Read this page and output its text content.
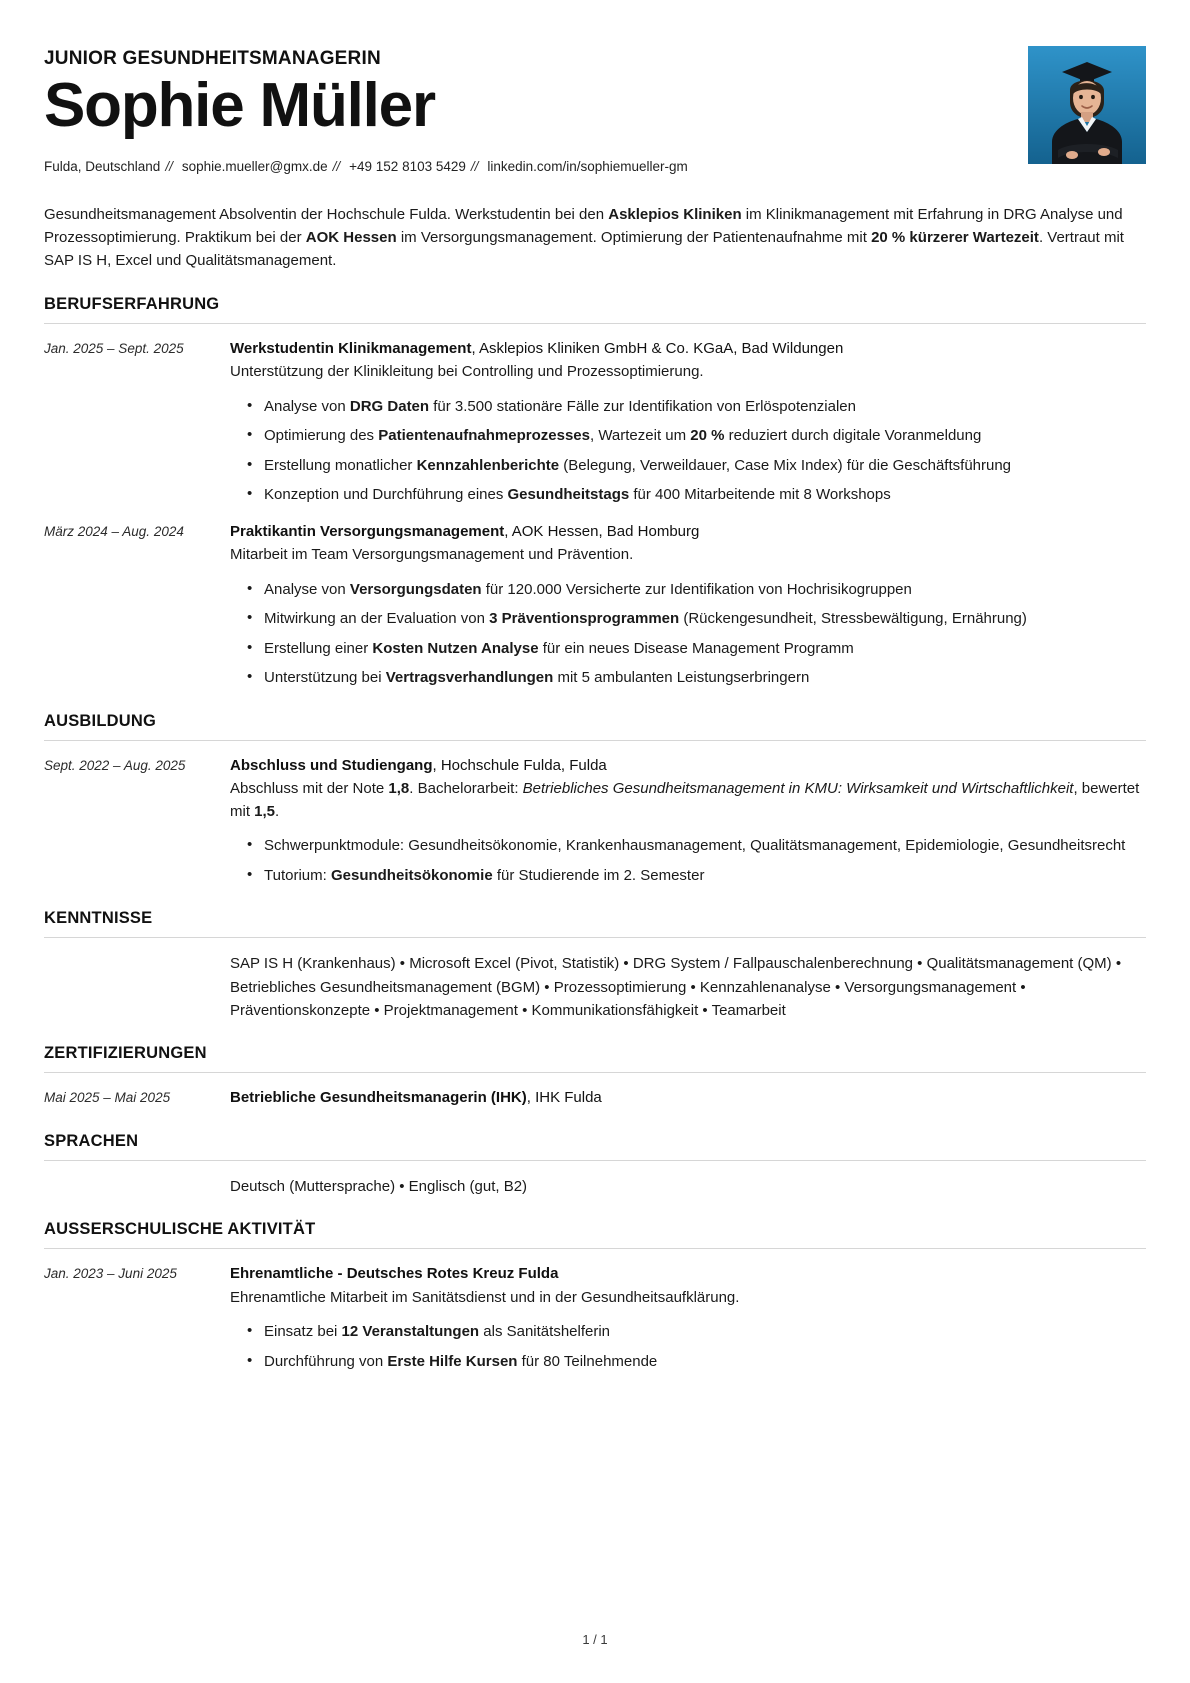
JUNIOR GESUNDHEITSMANAGERIN
Sophie Müller
Fulda, Deutschland // sophie.mueller@gmx.de // +49 152 8103 5429 // linkedin.com/in/sophiemueller-gm

Gesundheitsmanagement Absolventin der Hochschule Fulda. Werkstudentin bei den Asklepios Kliniken im Klinikmanagement mit Erfahrung in DRG Analyse und Prozessoptimierung. Praktikum bei der AOK Hessen im Versorgungsmanagement. Optimierung der Patientenaufnahme mit 20 % kürzerer Wartezeit. Vertraut mit SAP IS H, Excel und Qualitätsmanagement.

BERUFSERFAHRUNG
Jan. 2025 – Sept. 2025	Werkstudentin Klinikmanagement, Asklepios Kliniken GmbH & Co. KGaA, Bad Wildungen
Unterstützung der Klinikleitung bei Controlling und Prozessoptimierung.
• Analyse von DRG Daten für 3.500 stationäre Fälle zur Identifikation von Erlöspotenzialen
• Optimierung des Patientenaufnahmeprozesses, Wartezeit um 20 % reduziert durch digitale Voranmeldung
• Erstellung monatlicher Kennzahlenberichte (Belegung, Verweildauer, Case Mix Index) für die Geschäftsführung
• Konzeption und Durchführung eines Gesundheitstags für 400 Mitarbeitende mit 8 Workshops
März 2024 – Aug. 2024	Praktikantin Versorgungsmanagement, AOK Hessen, Bad Homburg
Mitarbeit im Team Versorgungsmanagement und Prävention.
• Analyse von Versorgungsdaten für 120.000 Versicherte zur Identifikation von Hochrisikogruppen
• Mitwirkung an der Evaluation von 3 Präventionsprogrammen (Rückengesundheit, Stressbewältigung, Ernährung)
• Erstellung einer Kosten Nutzen Analyse für ein neues Disease Management Programm
• Unterstützung bei Vertragsverhandlungen mit 5 ambulanten Leistungserbringern
AUSBILDUNG
Sept. 2022 – Aug. 2025	Abschluss und Studiengang, Hochschule Fulda, Fulda
Abschluss mit der Note 1,8. Bachelorarbeit: Betriebliches Gesundheitsmanagement in KMU: Wirksamkeit und Wirtschaftlichkeit, bewertet mit 1,5.
• Schwerpunktmodule: Gesundheitsökonomie, Krankenhausmanagement, Qualitätsmanagement, Epidemiologie, Gesundheitsrecht
• Tutorium: Gesundheitsökonomie für Studierende im 2. Semester
KENNTNISSE
SAP IS H (Krankenhaus) • Microsoft Excel (Pivot, Statistik) • DRG System / Fallpauschalenberechnung • Qualitätsmanagement (QM) • Betriebliches Gesundheitsmanagement (BGM) • Prozessoptimierung • Kennzahlenanalyse • Versorgungsmanagement • Präventionskonzepte • Projektmanagement • Kommunikationsfähigkeit • Teamarbeit
ZERTIFIZIERUNGEN
Mai 2025 – Mai 2025	Betriebliche Gesundheitsmanagerin (IHK), IHK Fulda
SPRACHEN
Deutsch (Muttersprache) • Englisch (gut, B2)
AUSSERSCHULISCHE AKTIVITÄT
Jan. 2023 – Juni 2025	Ehrenamtliche - Deutsches Rotes Kreuz Fulda
Ehrenamtliche Mitarbeit im Sanitätsdienst und in der Gesundheitsaufklärung.
• Einsatz bei 12 Veranstaltungen als Sanitätshelferin
• Durchführung von Erste Hilfe Kursen für 80 Teilnehmende
1 / 1
